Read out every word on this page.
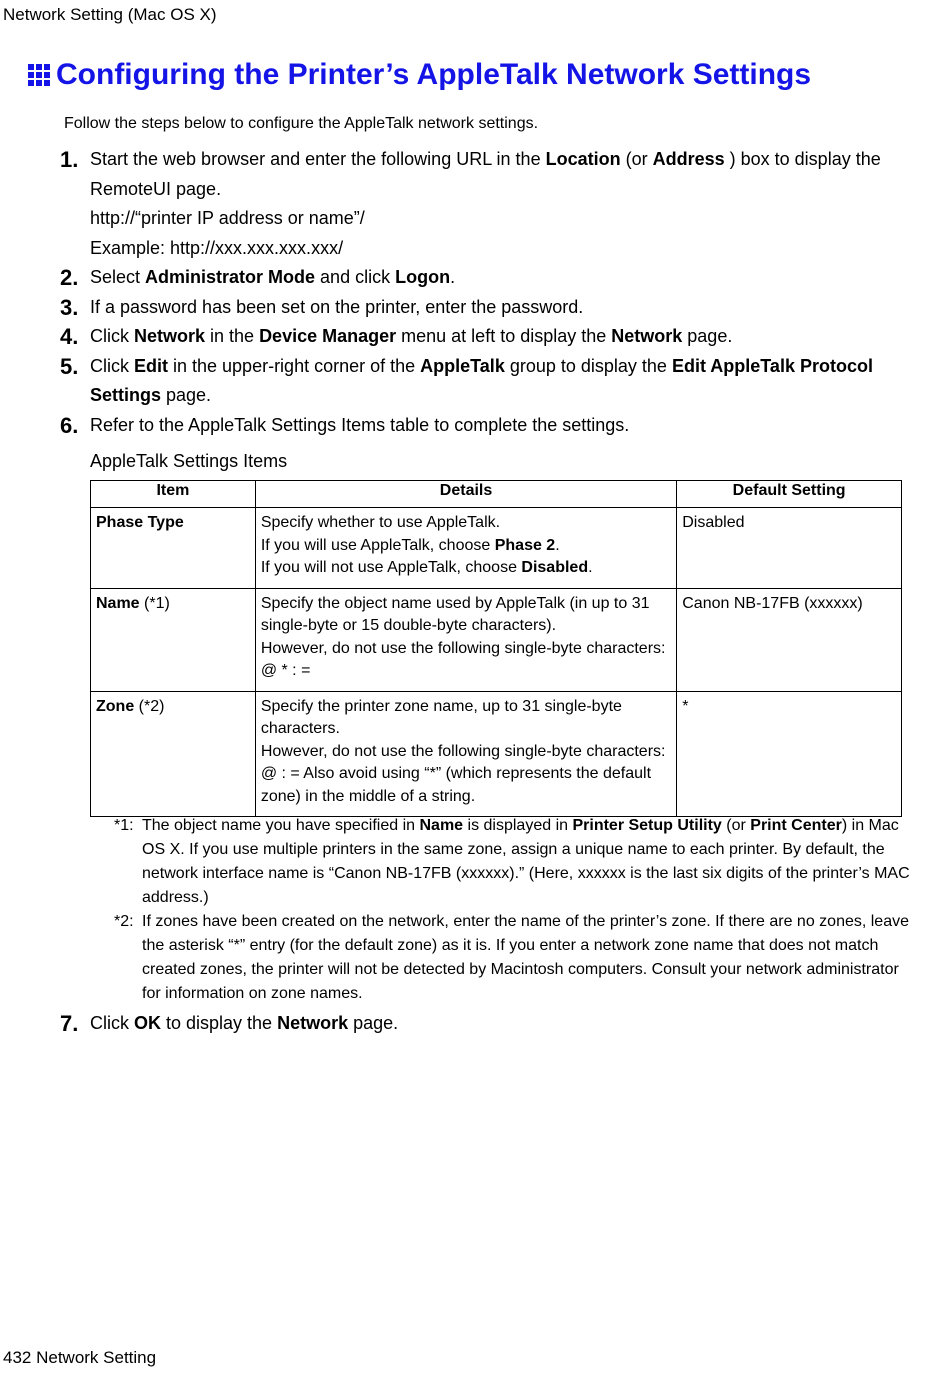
Network Setting (Mac OS X)
Configuring the Printer’s AppleTalk Network Settings
Follow the steps below to configure the AppleTalk network settings.
1. Start the web browser and enter the following URL in the Location (or Address ) box to display the RemoteUI page.
http://“printer IP address or name”/
Example: http://xxx.xxx.xxx.xxx/
2. Select Administrator Mode and click Logon.
3. If a password has been set on the printer, enter the password.
4. Click Network in the Device Manager menu at left to display the Network page.
5. Click Edit in the upper-right corner of the AppleTalk group to display the Edit AppleTalk Protocol Settings page.
6. Refer to the AppleTalk Settings Items table to complete the settings.
AppleTalk Settings Items
Item	Details	Default Setting
Phase Type	Specify whether to use AppleTalk.
If you will use AppleTalk, choose Phase 2.
If you will not use AppleTalk, choose Disabled.	Disabled
Name (*1)	Specify the object name used by AppleTalk (in up to 31 single-byte or 15 double-byte characters).
However, do not use the following single-byte characters: @ * : =	Canon NB-17FB (xxxxxx)
Zone (*2)	Specify the printer zone name, up to 31 single-byte characters.
However, do not use the following single-byte characters: @ : = Also avoid using “*” (which represents the default zone) in the middle of a string.	*
*1: The object name you have specified in Name is displayed in Printer Setup Utility (or Print Center) in Mac OS X. If you use multiple printers in the same zone, assign a unique name to each printer. By default, the network interface name is “Canon NB-17FB (xxxxxx).” (Here, xxxxxx is the last six digits of the printer’s MAC address.)
*2: If zones have been created on the network, enter the name of the printer’s zone. If there are no zones, leave the asterisk “*” entry (for the default zone) as it is. If you enter a network zone name that does not match created zones, the printer will not be detected by Macintosh computers. Consult your network administrator for information on zone names.
7. Click OK to display the Network page.
432 Network Setting
